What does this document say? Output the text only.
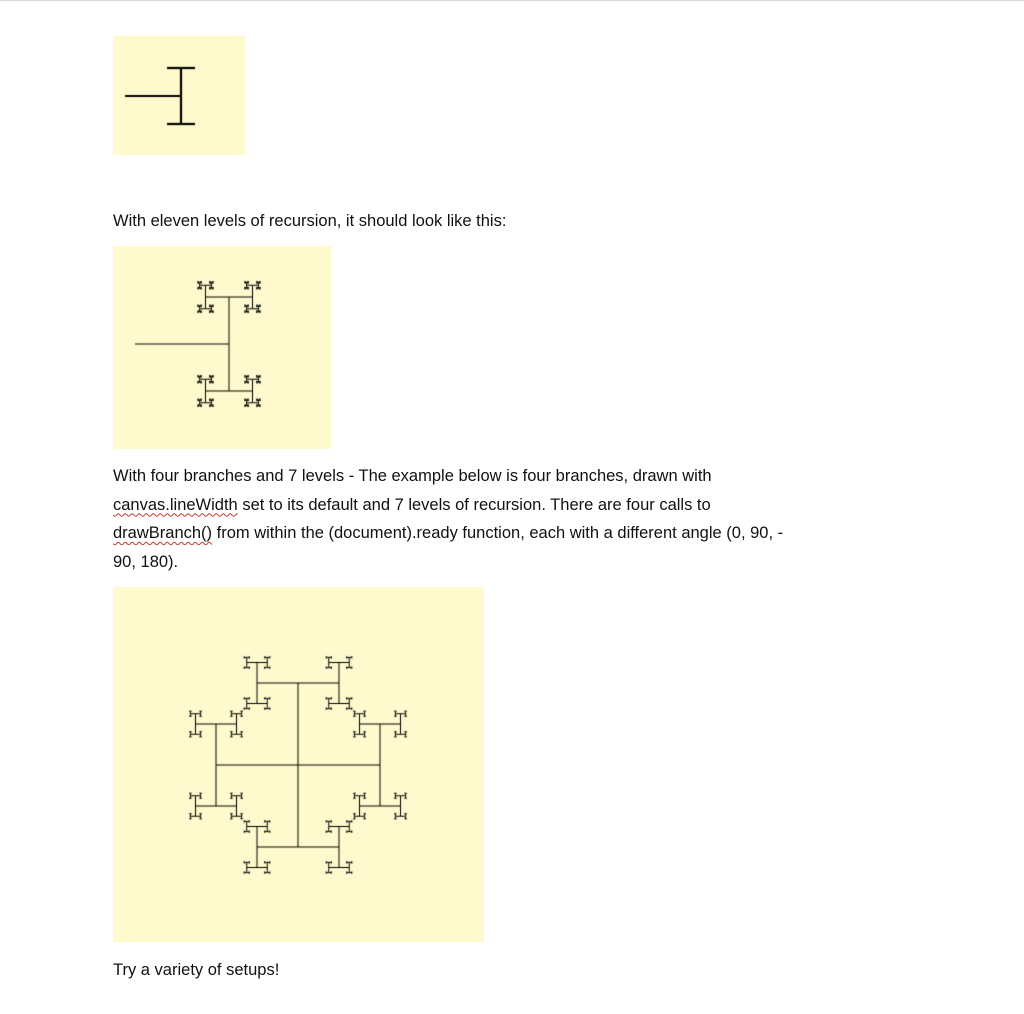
With eleven levels of recursion, it should look like this:

With four branches and 7 levels - The example below is four branches, drawn with
canvas.lineWidth set to its default and 7 levels of recursion. There are four calls to
drawBranch() from within the (document).ready function, each with a different angle (0, 90, -
90, 180).

Try a variety of setups!
